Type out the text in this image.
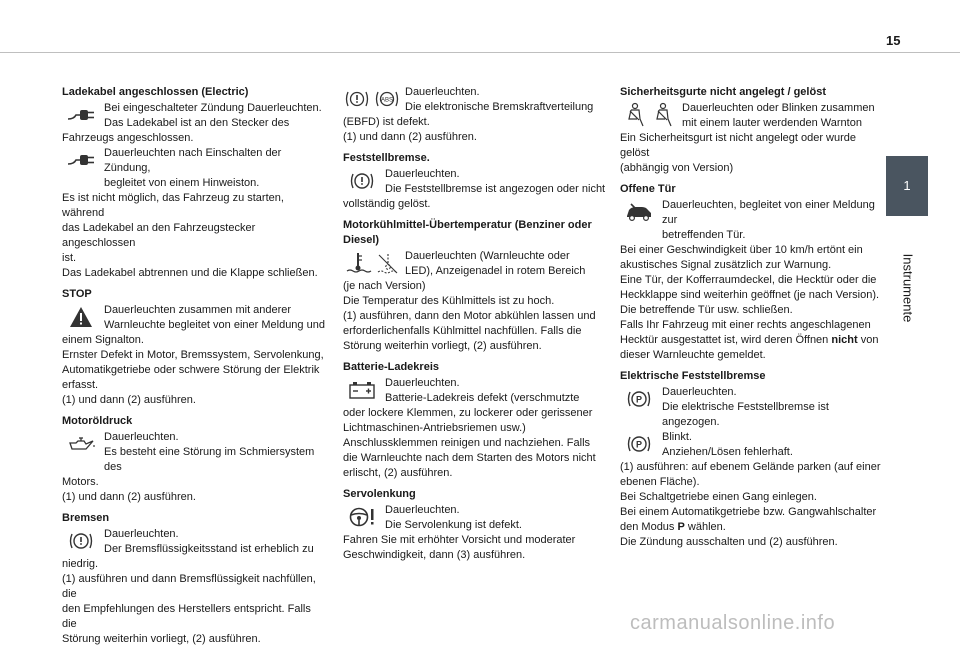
15
1
Instrumente
Ladekabel angeschlossen (Electric)

Bei eingeschalteter Zündung Dauerleuchten.

Das Ladekabel ist an den Stecker des

Fahrzeugs angeschlossen.

Dauerleuchten nach Einschalten der Zündung,

begleitet von einem Hinweiston.

Es ist nicht möglich, das Fahrzeug zu starten, während

das Ladekabel an den Fahrzeugstecker angeschlossen

ist.

Das Ladekabel abtrennen und die Klappe schließen.

STOP

Dauerleuchten zusammen mit anderer

Warnleuchte begleitet von einer Meldung und

einem Signalton.

Ernster Defekt in Motor, Bremssystem, Servolenkung,

Automatikgetriebe oder schwere Störung der Elektrik

erfasst.

(1) und dann (2) ausführen.

Motoröldruck

Dauerleuchten.

Es besteht eine Störung im Schmiersystem des

Motors.

(1) und dann (2) ausführen.

Bremsen

Dauerleuchten.

Der Bremsflüssigkeitsstand ist erheblich zu

niedrig.

(1) ausführen und dann Bremsflüssigkeit nachfüllen, die

den Empfehlungen des Herstellers entspricht. Falls die

Störung weiterhin vorliegt, (2) ausführen.

ABS

Dauerleuchten.

Die elektronische Bremskraftverteilung

(EBFD) ist defekt.

(1) und dann (2) ausführen.

Feststellbremse.

Dauerleuchten.

Die Feststellbremse ist angezogen oder nicht

vollständig gelöst.

Motorkühlmittel-Übertemperatur (Benziner oder Diesel)

Dauerleuchten (Warnleuchte oder

LED), Anzeigenadel in rotem Bereich

(je nach Version)

Die Temperatur des Kühlmittels ist zu hoch.

(1) ausführen, dann den Motor abkühlen lassen und

erforderlichenfalls Kühlmittel nachfüllen. Falls die

Störung weiterhin vorliegt, (2) ausführen.

Batterie-Ladekreis

Dauerleuchten.

Batterie-Ladekreis defekt (verschmutzte

oder lockere Klemmen, zu lockerer oder gerissener

Lichtmaschinen-Antriebsriemen usw.)

Anschlussklemmen reinigen und nachziehen. Falls

die Warnleuchte nach dem Starten des Motors nicht

erlischt, (2) ausführen.

Servolenkung

Dauerleuchten.

Die Servolenkung ist defekt.

Fahren Sie mit erhöhter Vorsicht und moderater

Geschwindigkeit, dann (3) ausführen.

Sicherheitsgurte nicht angelegt / gelöst

Dauerleuchten oder Blinken zusammen

mit einem lauter werdenden Warnton

Ein Sicherheitsgurt ist nicht angelegt oder wurde gelöst

(abhängig von Version)

Offene Tür

Dauerleuchten, begleitet von einer Meldung zur

betreffenden Tür.

Bei einer Geschwindigkeit über 10 km/h ertönt ein

akustisches Signal zusätzlich zur Warnung.

Eine Tür, der Kofferraumdeckel, die Hecktür oder die

Heckklappe sind weiterhin geöffnet (je nach Version).

Die betreffende Tür usw. schließen.

Falls Ihr Fahrzeug mit einer rechts angeschlagenen

Hecktür ausgestattet ist, wird deren Öffnen nicht von

dieser Warnleuchte gemeldet.

Elektrische Feststellbremse
P

Dauerleuchten.

Die elektrische Feststellbremse ist angezogen.

P

Blinkt.

Anziehen/Lösen fehlerhaft.

(1) ausführen: auf ebenem Gelände parken (auf einer

ebenen Fläche).

Bei Schaltgetriebe einen Gang einlegen.

Bei einem Automatikgetriebe bzw. Gangwahlschalter

den Modus P wählen.

Die Zündung ausschalten und (2) ausführen.

carmanualsonline.info
